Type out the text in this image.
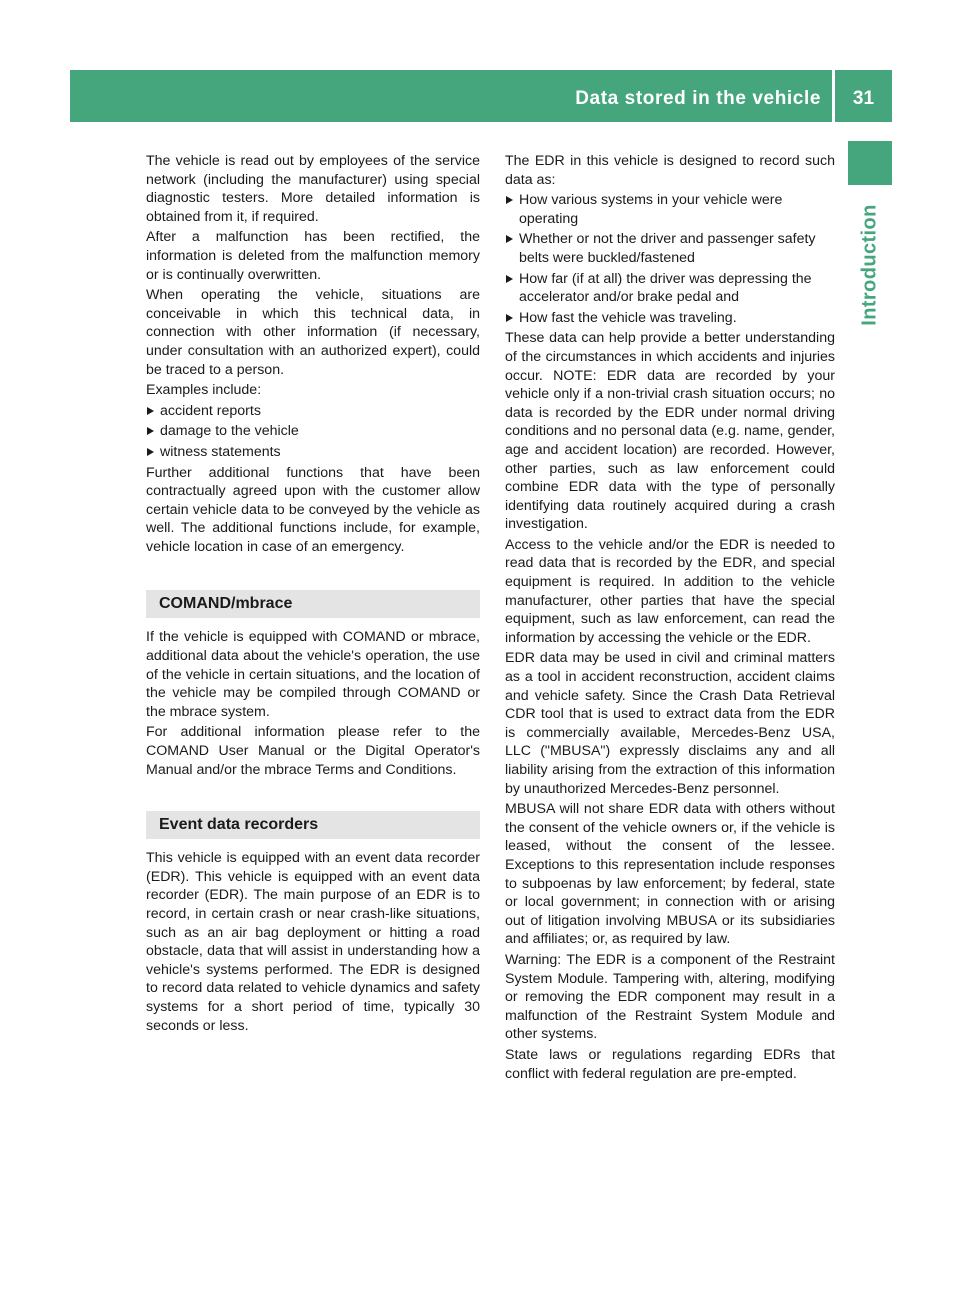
Data stored in the vehicle	31
Introduction

The vehicle is read out by employees of the service network (including the manufacturer) using special diagnostic testers. More detailed information is obtained from it, if required.

After a malfunction has been rectified, the information is deleted from the malfunction memory or is continually overwritten.

When operating the vehicle, situations are conceivable in which this technical data, in connection with other information (if necessary, under consultation with an authorized expert), could be traced to a person.

Examples include:

accident reports
damage to the vehicle
witness statements

Further additional functions that have been contractually agreed upon with the customer allow certain vehicle data to be conveyed by the vehicle as well. The additional functions include, for example, vehicle location in case of an emergency.

COMAND/mbrace

If the vehicle is equipped with COMAND or mbrace, additional data about the vehicle's operation, the use of the vehicle in certain situations, and the location of the vehicle may be compiled through COMAND or the mbrace system.

For additional information please refer to the COMAND User Manual or the Digital Operator's Manual and/or the mbrace Terms and Conditions.

Event data recorders

This vehicle is equipped with an event data recorder (EDR). This vehicle is equipped with an event data recorder (EDR). The main purpose of an EDR is to record, in certain crash or near crash-like situations, such as an air bag deployment or hitting a road obstacle, data that will assist in understanding how a vehicle's systems performed. The EDR is designed to record data related to vehicle dynamics and safety systems for a short period of time, typically 30 seconds or less.

The EDR in this vehicle is designed to record such data as:

How various systems in your vehicle were operating
Whether or not the driver and passenger safety belts were buckled/fastened
How far (if at all) the driver was depressing the accelerator and/or brake pedal and
How fast the vehicle was traveling.

These data can help provide a better understanding of the circumstances in which accidents and injuries occur. NOTE: EDR data are recorded by your vehicle only if a non-trivial crash situation occurs; no data is recorded by the EDR under normal driving conditions and no personal data (e.g. name, gender, age and accident location) are recorded. However, other parties, such as law enforcement could combine EDR data with the type of personally identifying data routinely acquired during a crash investigation.

Access to the vehicle and/or the EDR is needed to read data that is recorded by the EDR, and special equipment is required. In addition to the vehicle manufacturer, other parties that have the special equipment, such as law enforcement, can read the information by accessing the vehicle or the EDR.

EDR data may be used in civil and criminal matters as a tool in accident reconstruction, accident claims and vehicle safety. Since the Crash Data Retrieval CDR tool that is used to extract data from the EDR is commercially available, Mercedes-Benz USA, LLC ("MBUSA") expressly disclaims any and all liability arising from the extraction of this information by unauthorized Mercedes-Benz personnel.

MBUSA will not share EDR data with others without the consent of the vehicle owners or, if the vehicle is leased, without the consent of the lessee. Exceptions to this representation include responses to subpoenas by law enforcement; by federal, state or local government; in connection with or arising out of litigation involving MBUSA or its subsidiaries and affiliates; or, as required by law.

Warning: The EDR is a component of the Restraint System Module. Tampering with, altering, modifying or removing the EDR component may result in a malfunction of the Restraint System Module and other systems.

State laws or regulations regarding EDRs that conflict with federal regulation are pre-empted.
